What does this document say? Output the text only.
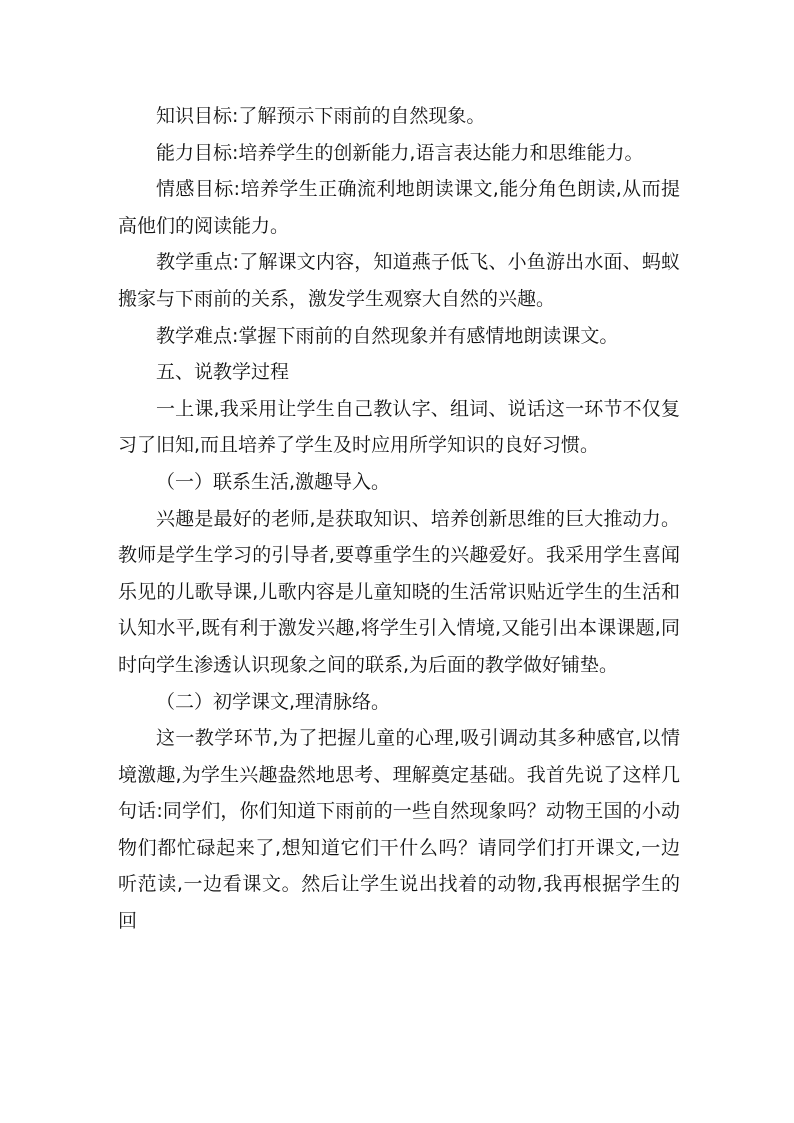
知识目标:了解预示下雨前的自然现象。

能力目标:培养学生的创新能力,语言表达能力和思维能力。

情感目标:培养学生正确流利地朗读课文,能分角色朗读,从而提高他们的阅读能力。

教学重点:了解课文内容，知道燕子低飞、小鱼游出水面、蚂蚁搬家与下雨前的关系，激发学生观察大自然的兴趣。

教学难点:掌握下雨前的自然现象并有感情地朗读课文。

五、说教学过程

一上课,我采用让学生自己教认字、组词、说话这一环节不仅复习了旧知,而且培养了学生及时应用所学知识的良好习惯。

（一）联系生活,激趣导入。

兴趣是最好的老师,是获取知识、培养创新思维的巨大推动力。教师是学生学习的引导者,要尊重学生的兴趣爱好。我采用学生喜闻乐见的儿歌导课,儿歌内容是儿童知晓的生活常识贴近学生的生活和认知水平,既有利于激发兴趣,将学生引入情境,又能引出本课课题,同时向学生渗透认识现象之间的联系,为后面的教学做好铺垫。

（二）初学课文,理清脉络。

这一教学环节,为了把握儿童的心理,吸引调动其多种感官,以情境激趣,为学生兴趣盎然地思考、理解奠定基础。我首先说了这样几句话:同学们，你们知道下雨前的一些自然现象吗？动物王国的小动物们都忙碌起来了,想知道它们干什么吗？请同学们打开课文,一边听范读,一边看课文。然后让学生说出找着的动物,我再根据学生的回
